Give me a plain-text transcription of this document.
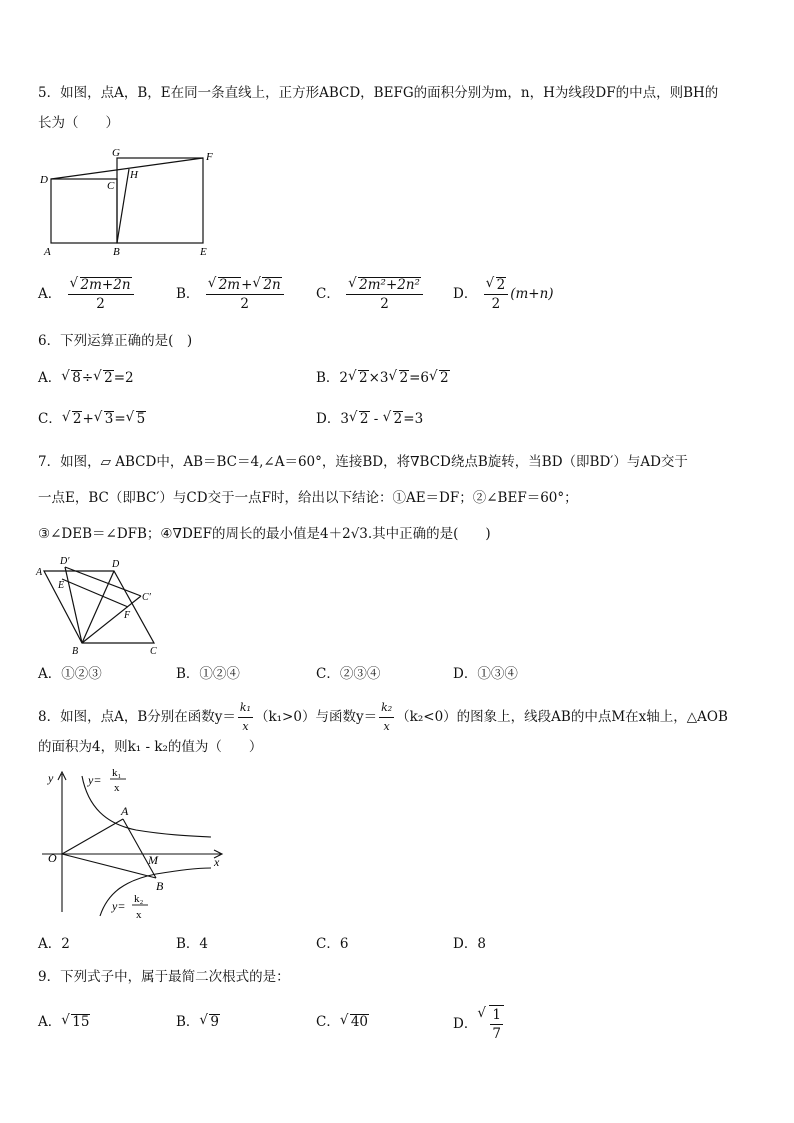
5．如图，点A，B，E在同一条直线上，正方形ABCD，BEFG的面积分别为m，n，H为线段DF的中点，则BH的
长为（　　）
G	F
D	H
C
A	B	E
A． √ $\frac{2m+2n}{2}$	B． √ $\frac{2m+ √ 2n}{2}$ C． √ $\frac{\text{2m²+2n²}}{2}$ D． √ $\frac{2}{2} (m+n)$
6．下列运算正确的是(　)
A． √ 8÷ √ 2=2	B．2 √ 2×3 √ 2=6 √ 2
C． √ 2+ √ 3= √ 5	D．3 √ 2 - √ 2=3
7．如图，▱ ABCD中，AB＝BC＝4,∠A＝60°，连接BD，将∇BCD绕点B旋转，当BD（即BD′）与AD交于
一点E，BC（即BC′）与CD交于一点F时，给出以下结论：①AE＝DF；②∠BEF＝60°；
③∠DEB＝∠DFB；④∇DEF的周长的最小值是4＋2√3.其中正确的是(　　)
D′
A
D
E
C′
F
B	C
A．①②③	B．①②④	C．②③④	D．①③④
8．如图，点A，B分别在函数$y= \frac{\text{k₁}}{x} (k_1>0)$与函数$y= \frac{\text{k₂}}{x} (k_2<0)$的图象上，线段AB的中点M在x轴上，△AOB
的面积为4，则k₁ - k₂的值为（　　）
y
x
O
A
M
B
y= k₁
x
y= k₂
x
A．2	B．4	C．6	D．8
9．下列式子中，属于最简二次根式的是：
A． √ 15	B． √ 9	C． √ 40	D． √ $\frac{1}{7}$
